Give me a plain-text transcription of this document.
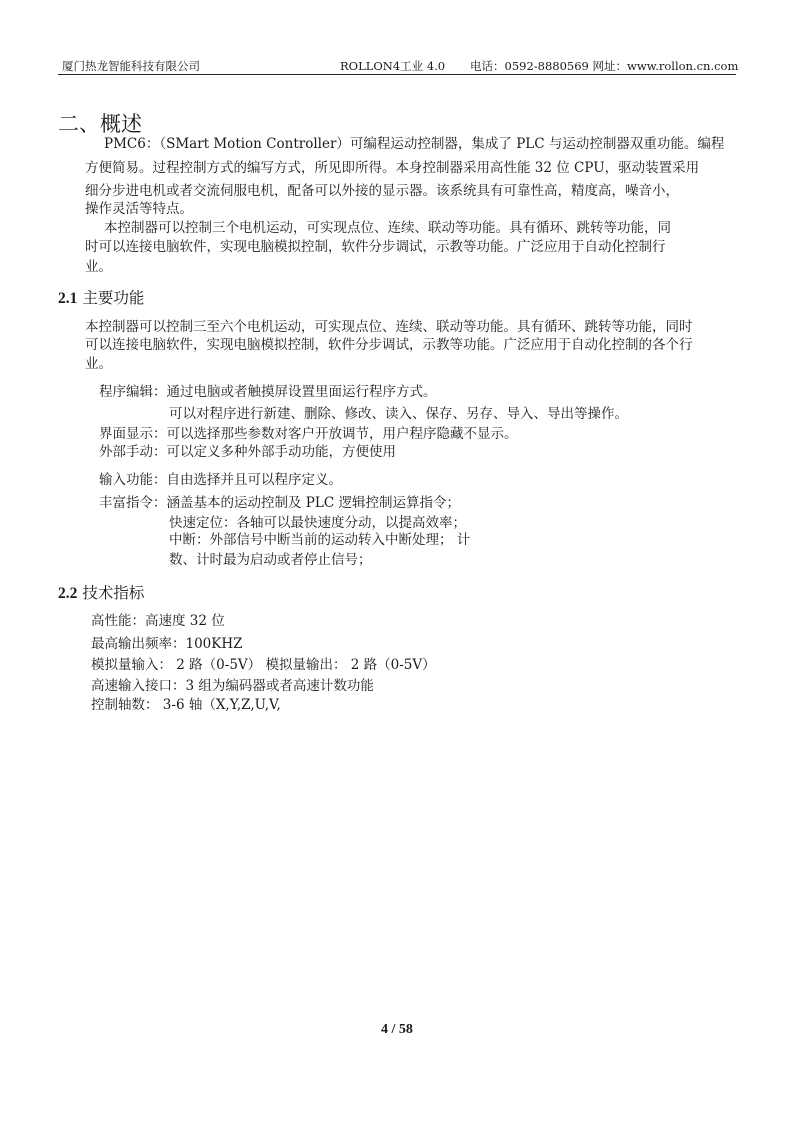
厦门热龙智能科技有限公司	ROLLON4工业 4.0 电话：0592-8880569 网址：www.rollon.cn.com
二、概述
PMC6：（SMart Motion Controller）可编程运动控制器，集成了 PLC 与运动控制器双重功能。编程
方便简易。过程控制方式的编写方式，所见即所得。本身控制器采用高性能 32 位 CPU，驱动装置采用
细分步进电机或者交流伺服电机，配备可以外接的显示器。该系统具有可靠性高，精度高，噪音小，
操作灵活等特点。
本控制器可以控制三个电机运动，可实现点位、连续、联动等功能。具有循环、跳转等功能，同
时可以连接电脑软件，实现电脑模拟控制，软件分步调试，示教等功能。广泛应用于自动化控制行
业。
2.1 主要功能
本控制器可以控制三至六个电机运动，可实现点位、连续、联动等功能。具有循环、跳转等功能，同时
可以连接电脑软件，实现电脑模拟控制，软件分步调试，示教等功能。广泛应用于自动化控制的各个行
业。
程序编辑：通过电脑或者触摸屏设置里面运行程序方式。
可以对程序进行新建、删除、修改、读入、保存、另存、导入、导出等操作。
界面显示：可以选择那些参数对客户开放调节，用户程序隐藏不显示。
外部手动：可以定义多种外部手动功能，方便使用
输入功能：自由选择并且可以程序定义。
丰富指令：涵盖基本的运动控制及 PLC 逻辑控制运算指令；
快速定位：各轴可以最快速度分动，以提高效率；
中断：外部信号中断当前的运动转入中断处理； 计
数、计时最为启动或者停止信号；
2.2 技术指标
高性能：高速度 32 位
最高输出频率：100KHZ
模拟量输入： 2 路（0-5V） 模拟量输出： 2 路（0-5V）
高速输入接口：3 组为编码器或者高速计数功能
控制轴数： 3-6 轴（X,Y,Z,U,V,
4 / 58
